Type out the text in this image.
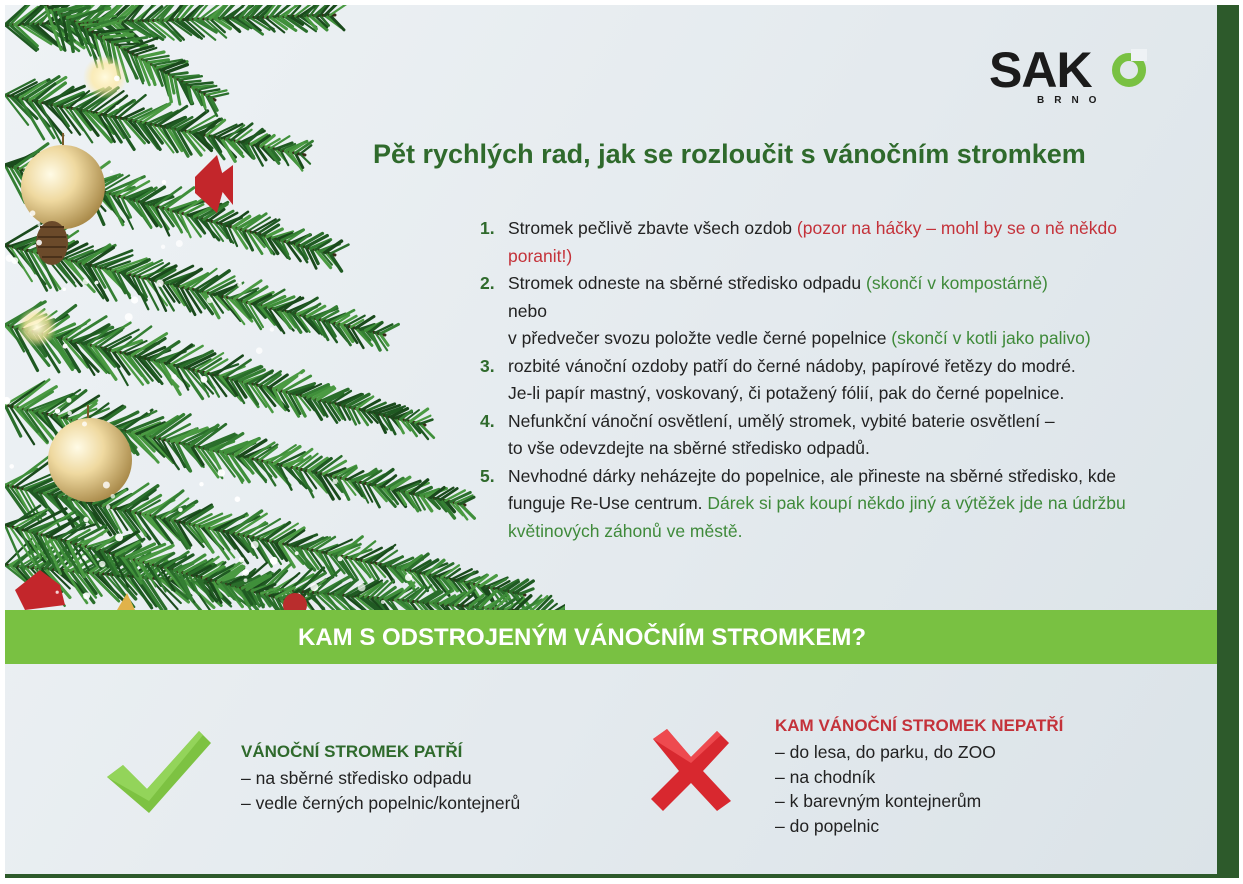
SAK
BRNO
Pět rychlých rad, jak se rozloučit s vánočním stromkem
1. Stromek pečlivě zbavte všech ozdob (pozor na háčky – mohl by se o ně někdo poranit!)
2. Stromek odneste na sběrné středisko odpadu (skončí v kompostárně)
nebo
v předvečer svozu položte vedle černé popelnice (skončí v kotli jako palivo)
3. rozbité vánoční ozdoby patří do černé nádoby, papírové řetězy do modré.
Je-li papír mastný, voskovaný, či potažený fólií, pak do černé popelnice.
4. Nefunkční vánoční osvětlení, umělý stromek, vybité baterie osvětlení –
to vše odevzdejte na sběrné středisko odpadů.
5. Nevhodné dárky neházejte do popelnice, ale přineste na sběrné středisko, kde funguje Re-Use centrum. Dárek si pak koupí někdo jiný a výtěžek jde na údržbu květinových záhonů ve městě.
KAM S ODSTROJENÝM VÁNOČNÍM STROMKEM?
VÁNOČNÍ STROMEK PATŘÍ
– na sběrné středisko odpadu
– vedle černých popelnic/kontejnerů
KAM VÁNOČNÍ STROMEK NEPATŘÍ
– do lesa, do parku, do ZOO
– na chodník
– k barevným kontejnerům
– do popelnic
